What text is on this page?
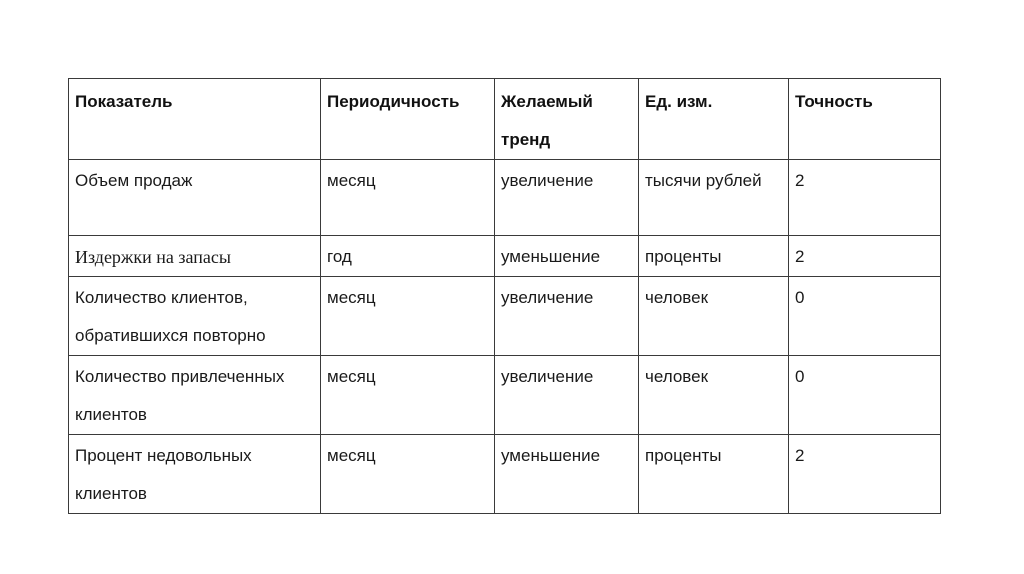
Показатель	Периодичность	Желаемый тренд	Ед. изм.	Точность
Объем продаж	месяц	увеличение	тысячи рублей	2
Издержки на запасы	год	уменьшение	проценты	2
Количество клиентов, обратившихся повторно	месяц	увеличение	человек	0
Количество привлеченных клиентов	месяц	увеличение	человек	0
Процент недовольных клиентов	месяц	уменьшение	проценты	2
